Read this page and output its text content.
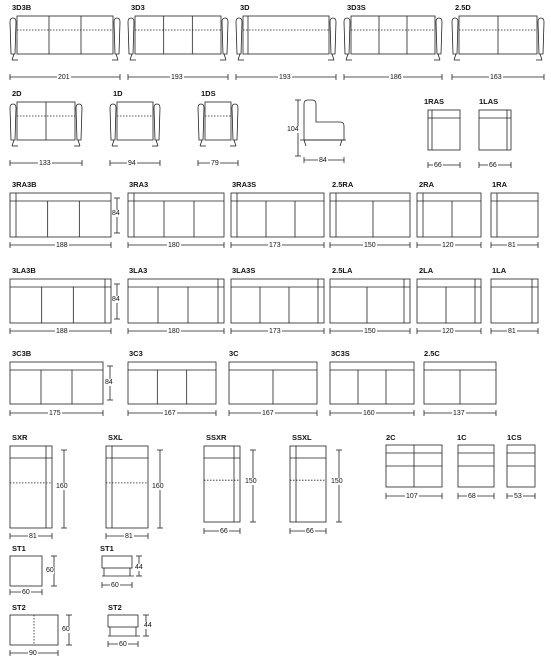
3D3B	3D3	3D	3D3S	2.5D
2D	1D	1DS
1RAS	1LAS
3RA3B	3RA3	3RA3S	2.5RA	2RA	1RA
3LA3B	3LA3	3LA3S	2.5LA	2LA	1LA
3C3B	3C3	3C	3C3S	2.5C
SXR	SXL	SSXR	SSXL	2C	1C	1CS
ST1	ST1
ST2	ST2
201	193	193	186	163
133	94	79	84
66	66
188	180	173	150	120	81
188	180	173	150	120	81
175	167	167	160	137
81	81
66	66
107	68	53
60
60
90
60
104
84
84
84
160	160
150	150
60	44
60
44
